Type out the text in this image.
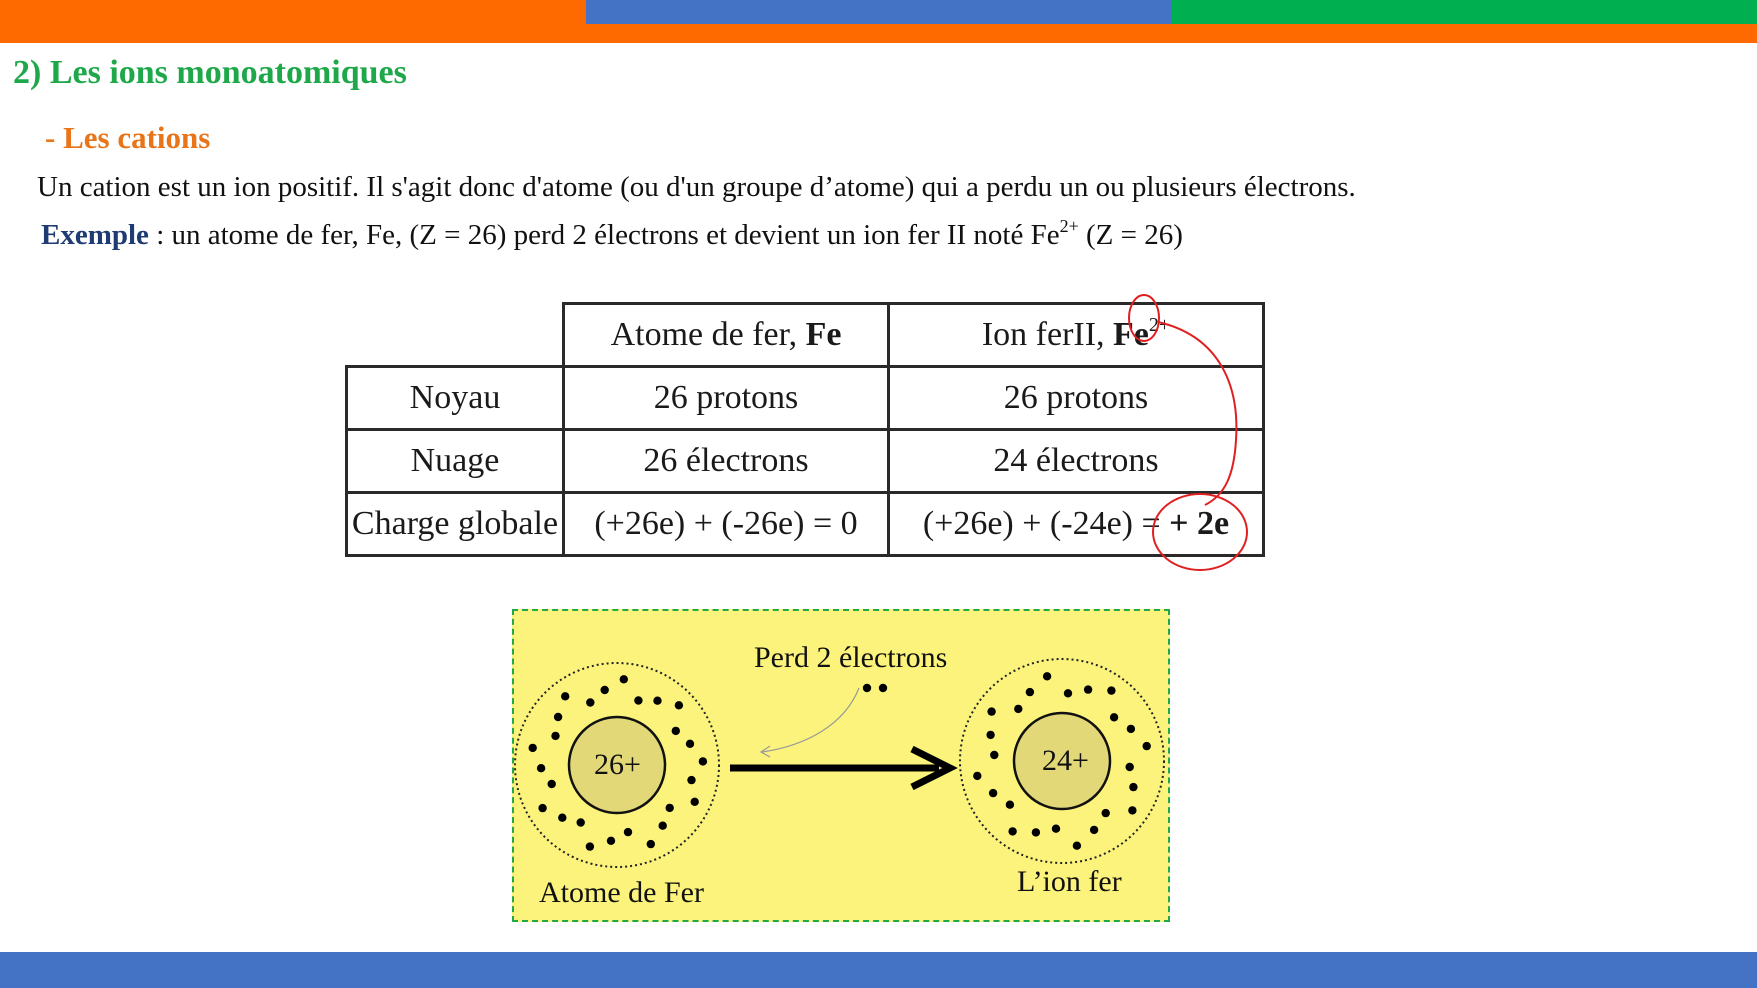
2) Les ions monoatomiques
- Les cations
Un cation est un ion positif. Il s'agit donc d'atome (ou d'un groupe d’atome) qui a perdu un ou plusieurs électrons.
Exemple : un atome de fer, Fe, (Z = 26) perd 2 électrons et devient un ion fer II noté $Fe^{2+}$ (Z = 26)
	Atome de fer, Fe	Ion ferII, $Fe^{2+}$
Noyau	26 protons	26 protons
Nuage	26 électrons	24 électrons
Charge globale	(+26e) + (-26e) = 0	(+26e) + (-24e) = + 2e
26+	24+
Perd 2 électrons
Atome de Fer	L’ion fer
